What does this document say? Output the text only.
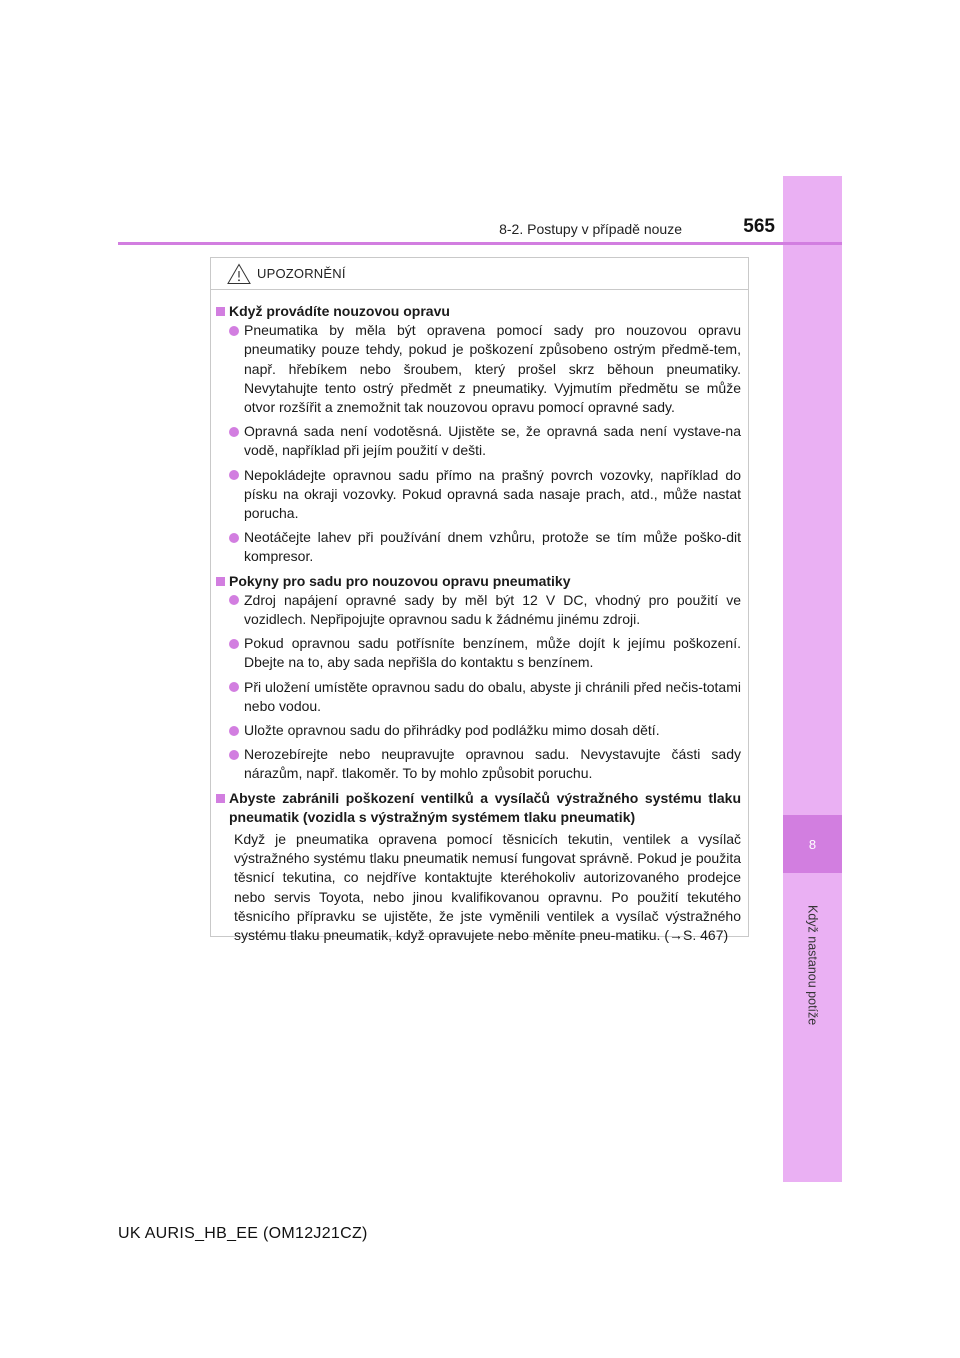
8
Když nastanou potíže
8-2. Postupy v případě nouze	565
UPOZORNĚNÍ
Když provádíte nouzovou opravu
Pneumatika by měla být opravena pomocí sady pro nouzovou opravu pneumatiky pouze tehdy, pokud je poškození způsobeno ostrým předmě-tem, např. hřebíkem nebo šroubem, který prošel skrz běhoun pneumatiky. Nevytahujte tento ostrý předmět z pneumatiky. Vyjmutím předmětu se může otvor rozšířit a znemožnit tak nouzovou opravu pomocí opravné sady.
Opravná sada není vodotěsná. Ujistěte se, že opravná sada není vystave-na vodě, například při jejím použití v dešti.
Nepokládejte opravnou sadu přímo na prašný povrch vozovky, například do písku na okraji vozovky. Pokud opravná sada nasaje prach, atd., může nastat porucha.
Neotáčejte lahev při používání dnem vzhůru, protože se tím může poško-dit kompresor.
Pokyny pro sadu pro nouzovou opravu pneumatiky
Zdroj napájení opravné sady by měl být 12 V DC, vhodný pro použití ve vozidlech. Nepřipojujte opravnou sadu k žádnému jinému zdroji.
Pokud opravnou sadu potřísníte benzínem, může dojít k jejímu poškození. Dbejte na to, aby sada nepřišla do kontaktu s benzínem.
Při uložení umístěte opravnou sadu do obalu, abyste ji chránili před nečis-totami nebo vodou.
Uložte opravnou sadu do přihrádky pod podlážku mimo dosah dětí.
Nerozebírejte nebo neupravujte opravnou sadu. Nevystavujte části sady nárazům, např. tlakoměr. To by mohlo způsobit poruchu.
Abyste zabránili poškození ventilků a vysílačů výstražného systému tlaku pneumatik (vozidla s výstražným systémem tlaku pneumatik)
Když je pneumatika opravena pomocí těsnicích tekutin, ventilek a vysílač výstražného systému tlaku pneumatik nemusí fungovat správně. Pokud je použita těsnicí tekutina, co nejdříve kontaktujte kteréhokoliv autorizovaného prodejce nebo servis Toyota, nebo jinou kvalifikovanou opravnu. Po použití tekutého těsnicího přípravku se ujistěte, že jste vyměnili ventilek a vysílač výstražného systému tlaku pneumatik, když opravujete nebo měníte pneu-matiku. (→S. 467)
UK AURIS_HB_EE (OM12J21CZ)
